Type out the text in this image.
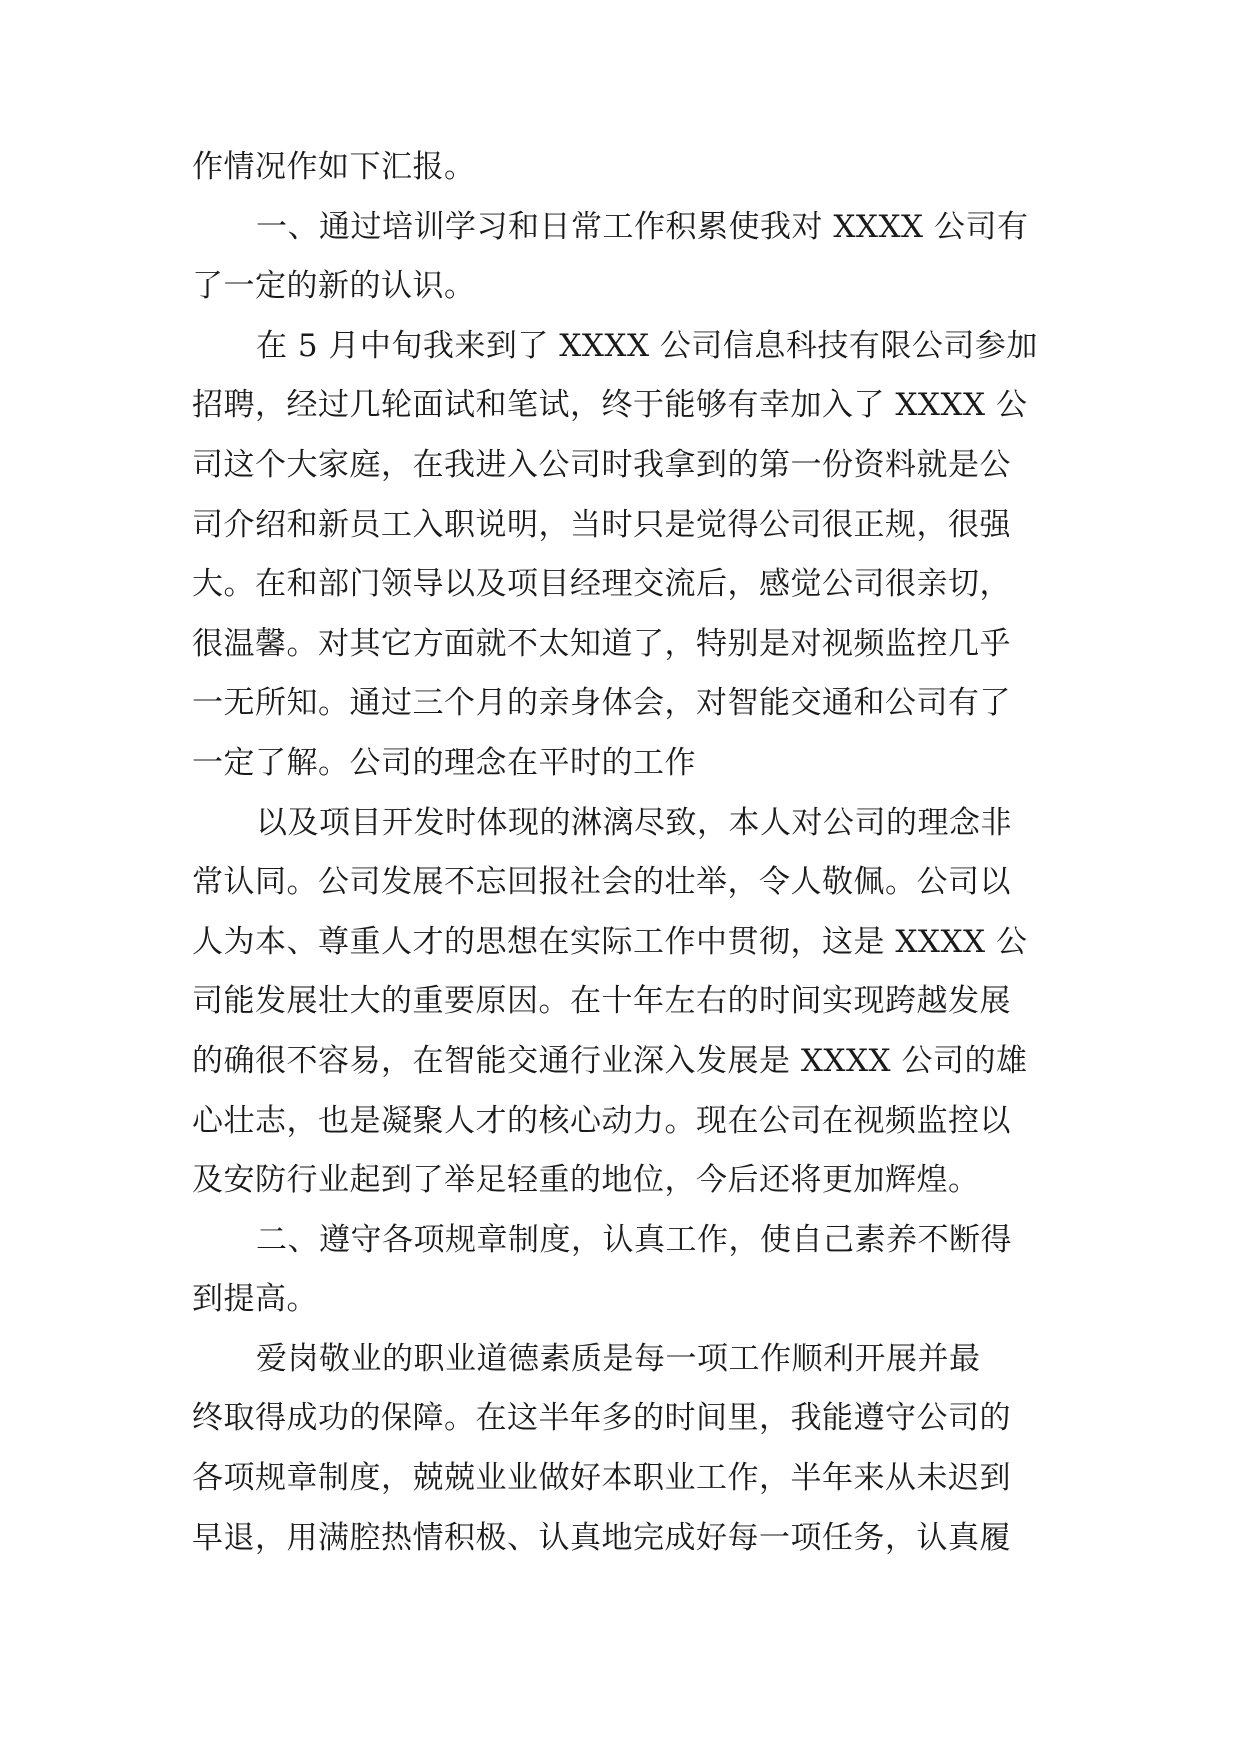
作情况作如下汇报。
一、通过培训学习和日常工作积累使我对 XXXX 公司有
了一定的新的认识。
在 5 月中旬我来到了 XXXX 公司信息科技有限公司参加
招聘，经过几轮面试和笔试，终于能够有幸加入了 XXXX 公
司这个大家庭，在我进入公司时我拿到的第一份资料就是公
司介绍和新员工入职说明，当时只是觉得公司很正规，很强
大。在和部门领导以及项目经理交流后，感觉公司很亲切，
很温馨。对其它方面就不太知道了，特别是对视频监控几乎
一无所知。通过三个月的亲身体会，对智能交通和公司有了
一定了解。公司的理念在平时的工作
以及项目开发时体现的淋漓尽致，本人对公司的理念非
常认同。公司发展不忘回报社会的壮举，令人敬佩。公司以
人为本、尊重人才的思想在实际工作中贯彻，这是 XXXX 公
司能发展壮大的重要原因。在十年左右的时间实现跨越发展
的确很不容易，在智能交通行业深入发展是 XXXX 公司的雄
心壮志，也是凝聚人才的核心动力。现在公司在视频监控以
及安防行业起到了举足轻重的地位，今后还将更加辉煌。
二、遵守各项规章制度，认真工作，使自己素养不断得
到提高。
爱岗敬业的职业道德素质是每一项工作顺利开展并最
终取得成功的保障。在这半年多的时间里，我能遵守公司的
各项规章制度，兢兢业业做好本职业工作，半年来从未迟到
早退，用满腔热情积极、认真地完成好每一项任务，认真履
